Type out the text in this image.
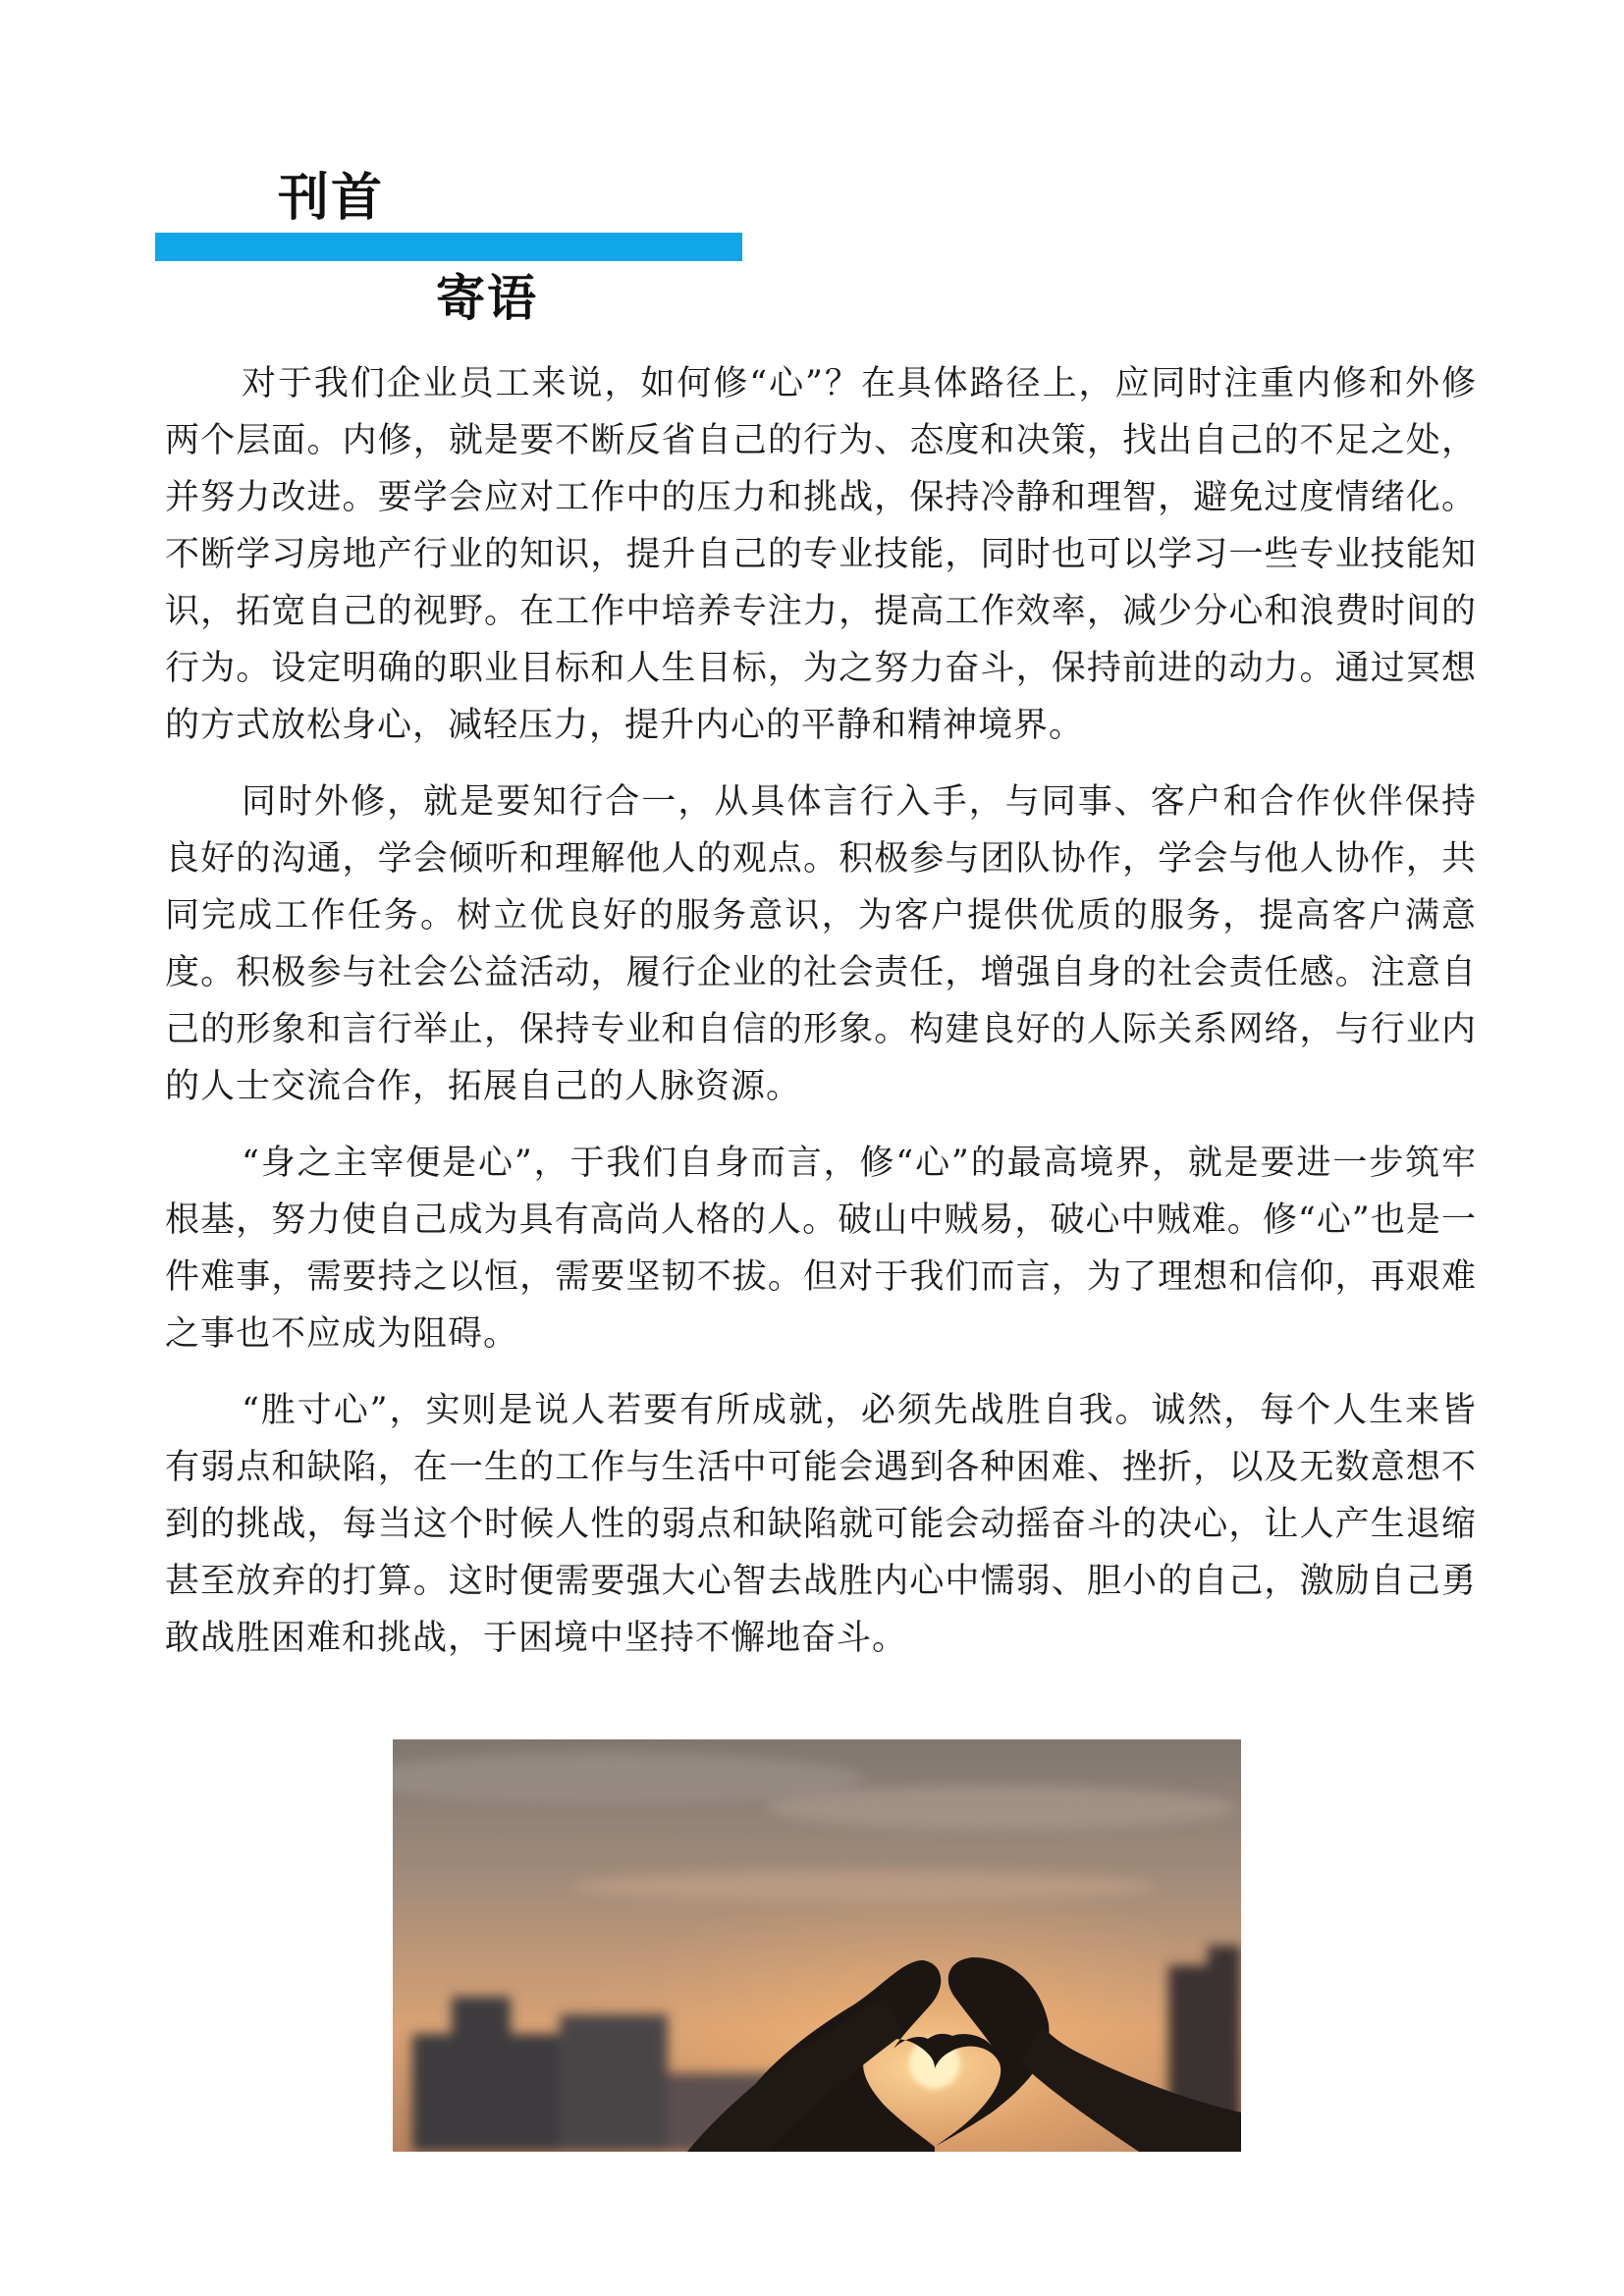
刊首
寄语

对于我们企业员工来说，如何修“心”？在具体路径上，应同时注重内修和外修两个层面。内修，就是要不断反省自己的行为、态度和决策，找出自己的不足之处，并努力改进。要学会应对工作中的压力和挑战，保持冷静和理智，避免过度情绪化。不断学习房地产行业的知识，提升自己的专业技能，同时也可以学习一些专业技能知识，拓宽自己的视野。在工作中培养专注力，提高工作效率，减少分心和浪费时间的行为。设定明确的职业目标和人生目标，为之努力奋斗，保持前进的动力。通过冥想的方式放松身心，减轻压力，提升内心的平静和精神境界。

同时外修，就是要知行合一，从具体言行入手，与同事、客户和合作伙伴保持良好的沟通，学会倾听和理解他人的观点。积极参与团队协作，学会与他人协作，共同完成工作任务。树立优良好的服务意识，为客户提供优质的服务，提高客户满意度。积极参与社会公益活动，履行企业的社会责任，增强自身的社会责任感。注意自己的形象和言行举止，保持专业和自信的形象。构建良好的人际关系网络，与行业内的人士交流合作，拓展自己的人脉资源。

“身之主宰便是心”，于我们自身而言，修“心”的最高境界，就是要进一步筑牢根基，努力使自己成为具有高尚人格的人。破山中贼易，破心中贼难。修“心”也是一件难事，需要持之以恒，需要坚韧不拔。但对于我们而言，为了理想和信仰，再艰难之事也不应成为阻碍。

“胜寸心”，实则是说人若要有所成就，必须先战胜自我。诚然，每个人生来皆有弱点和缺陷，在一生的工作与生活中可能会遇到各种困难、挫折，以及无数意想不到的挑战，每当这个时候人性的弱点和缺陷就可能会动摇奋斗的决心，让人产生退缩甚至放弃的打算。这时便需要强大心智去战胜内心中懦弱、胆小的自己，激励自己勇敢战胜困难和挑战，于困境中坚持不懈地奋斗。
